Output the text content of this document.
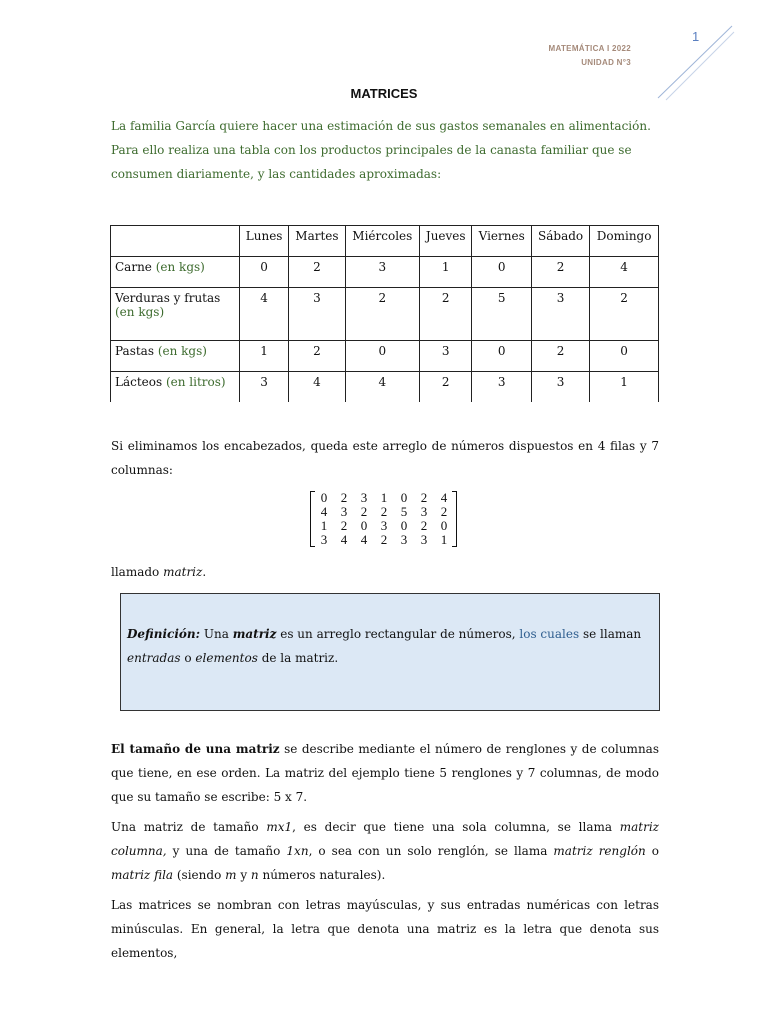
1
MATEMÁTICA I 2022
UNIDAD N°3
MATRICES
La familia García quiere hacer una estimación de sus gastos semanales en alimentación. Para ello realiza una tabla con los productos principales de la canasta familiar que se consumen diariamente, y las cantidades aproximadas:
	Lunes	Martes	Miércoles	Jueves	Viernes	Sábado	Domingo
Carne (en kgs)	0	2	3	1	0	2	4
Verduras y frutas (en kgs)	4	3	2	2	5	3	2
Pastas (en kgs)	1	2	0	3	0	2	0
Lácteos (en litros)	3	4	4	2	3	3	1
Si eliminamos los encabezados, queda este arreglo de números dispuestos en 4 filas y 7 columnas:
0	2	3	1	0	2	4
4	3	2	2	5	3	2
1	2	0	3	0	2	0
3	4	4	2	3	3	1
llamado matriz.
Definición: Una matriz es un arreglo rectangular de números, los cuales se llaman entradas o elementos de la matriz.
El tamaño de una matriz se describe mediante el número de renglones y de columnas que tiene, en ese orden. La matriz del ejemplo tiene 5 renglones y 7 columnas, de modo que su tamaño se escribe: 5 x 7.
Una matriz de tamaño mx1, es decir que tiene una sola columna, se llama matriz columna, y una de tamaño 1xn, o sea con un solo renglón, se llama matriz renglón o matriz fila (siendo m y n números naturales).
Las matrices se nombran con letras mayúsculas, y sus entradas numéricas con letras minúsculas. En general, la letra que denota una matriz es la letra que denota sus elementos,
